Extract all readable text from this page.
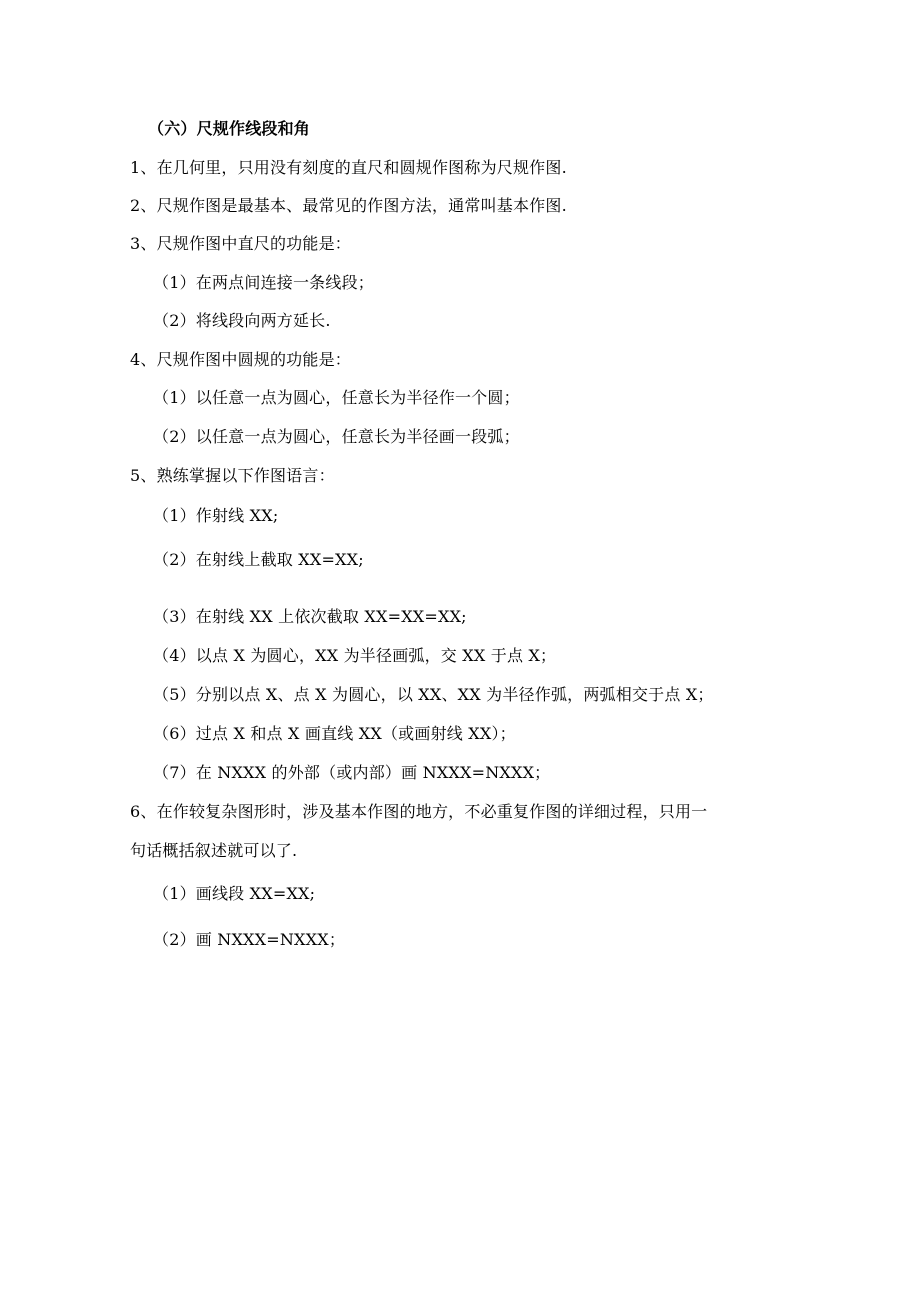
（六）尺规作线段和角
1、在几何里，只用没有刻度的直尺和圆规作图称为尺规作图.
2、尺规作图是最基本、最常见的作图方法，通常叫基本作图.
3、尺规作图中直尺的功能是：
（1）在两点间连接一条线段；
（2）将线段向两方延长.
4、尺规作图中圆规的功能是：
（1）以任意一点为圆心，任意长为半径作一个圆；
（2）以任意一点为圆心，任意长为半径画一段弧；
5、熟练掌握以下作图语言：
（1）作射线 XX;
（2）在射线上截取 XX=XX;
（3）在射线 XX 上依次截取 XX=XX=XX;
（4）以点 X 为圆心，XX 为半径画弧，交 XX 于点 X；
（5）分别以点 X、点 X 为圆心，以 XX、XX 为半径作弧，两弧相交于点 X；
（6）过点 X 和点 X 画直线 XX（或画射线 XX）；
（7）在 NXXX 的外部（或内部）画 NXXX=NXXX；
6、在作较复杂图形时，涉及基本作图的地方，不必重复作图的详细过程，只用一
句话概括叙述就可以了.
（1）画线段 XX=XX;
（2）画 NXXX=NXXX；
